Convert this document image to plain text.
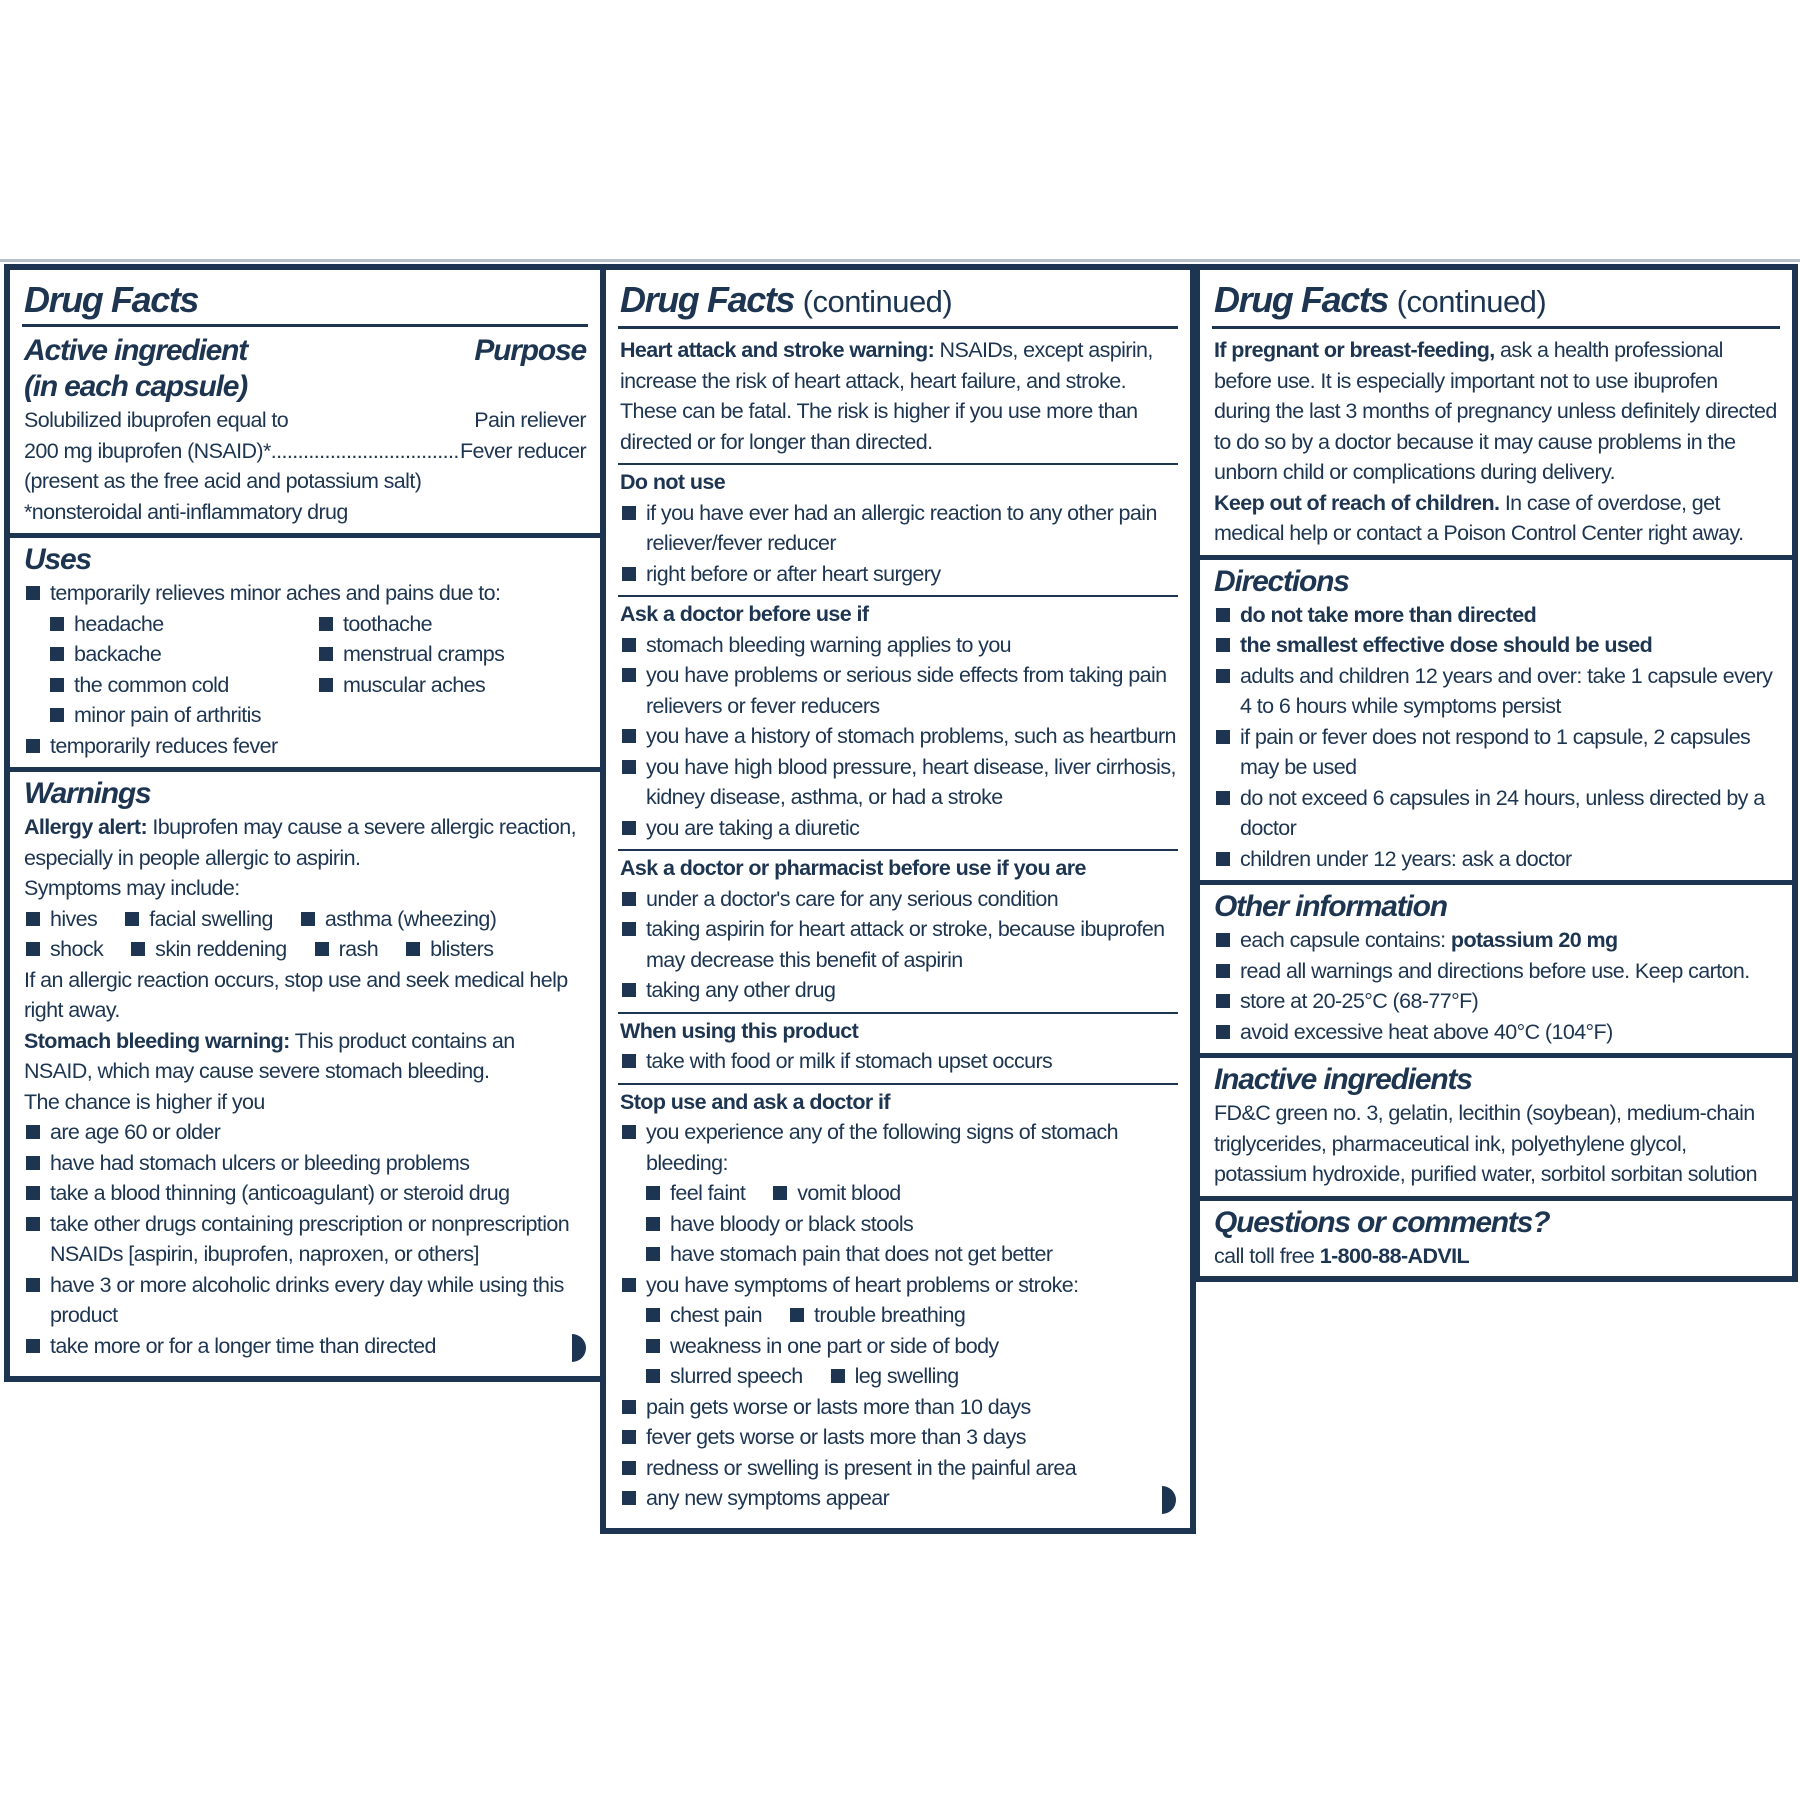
Drug Facts
Active ingredient	Purpose
(in each capsule)
Solubilized ibuprofen equal to	Pain reliever
200 mg ibuprofen (NSAID)*
.....	Fever reducer
(present as the free acid and potassium salt)
*nonsteroidal anti-inflammatory drug
Uses
temporarily relieves minor aches and pains due to:
headache	toothache
backache	menstrual cramps
the common cold	muscular aches
minor pain of arthritis
temporarily reduces fever
Warnings
Allergy alert: Ibuprofen may cause a severe allergic reaction, especially in people allergic to aspirin.
Symptoms may include:
hives facial swelling asthma (wheezing)
shock skin reddening rash blisters
If an allergic reaction occurs, stop use and seek medical help right away.
Stomach bleeding warning: This product contains an NSAID, which may cause severe stomach bleeding.
The chance is higher if you
are age 60 or older
have had stomach ulcers or bleeding problems
take a blood thinning (anticoagulant) or steroid drug
take other drugs containing prescription or nonprescription NSAIDs [aspirin, ibuprofen, naproxen, or others]
have 3 or more alcoholic drinks every day while using this product
take more or for a longer time than directed
Drug Facts (continued)
Heart attack and stroke warning: NSAIDs, except aspirin, increase the risk of heart attack, heart failure, and stroke. These can be fatal. The risk is higher if you use more than directed or for longer than directed.
Do not use
if you have ever had an allergic reaction to any other pain reliever/fever reducer
right before or after heart surgery
Ask a doctor before use if
stomach bleeding warning applies to you
you have problems or serious side effects from taking pain relievers or fever reducers
you have a history of stomach problems, such as heartburn
you have high blood pressure, heart disease, liver cirrhosis, kidney disease, asthma, or had a stroke
you are taking a diuretic
Ask a doctor or pharmacist before use if you are
under a doctor's care for any serious condition
taking aspirin for heart attack or stroke, because ibuprofen may decrease this benefit of aspirin
taking any other drug
When using this product
take with food or milk if stomach upset occurs
Stop use and ask a doctor if
you experience any of the following signs of stomach bleeding:
feel faint vomit blood
have bloody or black stools
have stomach pain that does not get better
you have symptoms of heart problems or stroke:
chest pain trouble breathing
weakness in one part or side of body
slurred speech leg swelling
pain gets worse or lasts more than 10 days
fever gets worse or lasts more than 3 days
redness or swelling is present in the painful area
any new symptoms appear
Drug Facts (continued)
If pregnant or breast-feeding, ask a health professional before use. It is especially important not to use ibuprofen during the last 3 months of pregnancy unless definitely directed to do so by a doctor because it may cause problems in the unborn child or complications during delivery.
Keep out of reach of children. In case of overdose, get medical help or contact a Poison Control Center right away.
Directions
do not take more than directed
the smallest effective dose should be used
adults and children 12 years and over: take 1 capsule every 4 to 6 hours while symptoms persist
if pain or fever does not respond to 1 capsule, 2 capsules may be used
do not exceed 6 capsules in 24 hours, unless directed by a doctor
children under 12 years: ask a doctor
Other information
each capsule contains: potassium 20 mg
read all warnings and directions before use. Keep carton.
store at 20-25°C (68-77°F)
avoid excessive heat above 40°C (104°F)
Inactive ingredients
FD&C green no. 3, gelatin, lecithin (soybean), medium-chain triglycerides, pharmaceutical ink, polyethylene glycol, potassium hydroxide, purified water, sorbitol sorbitan solution
Questions or comments?
call toll free 1-800-88-ADVIL
